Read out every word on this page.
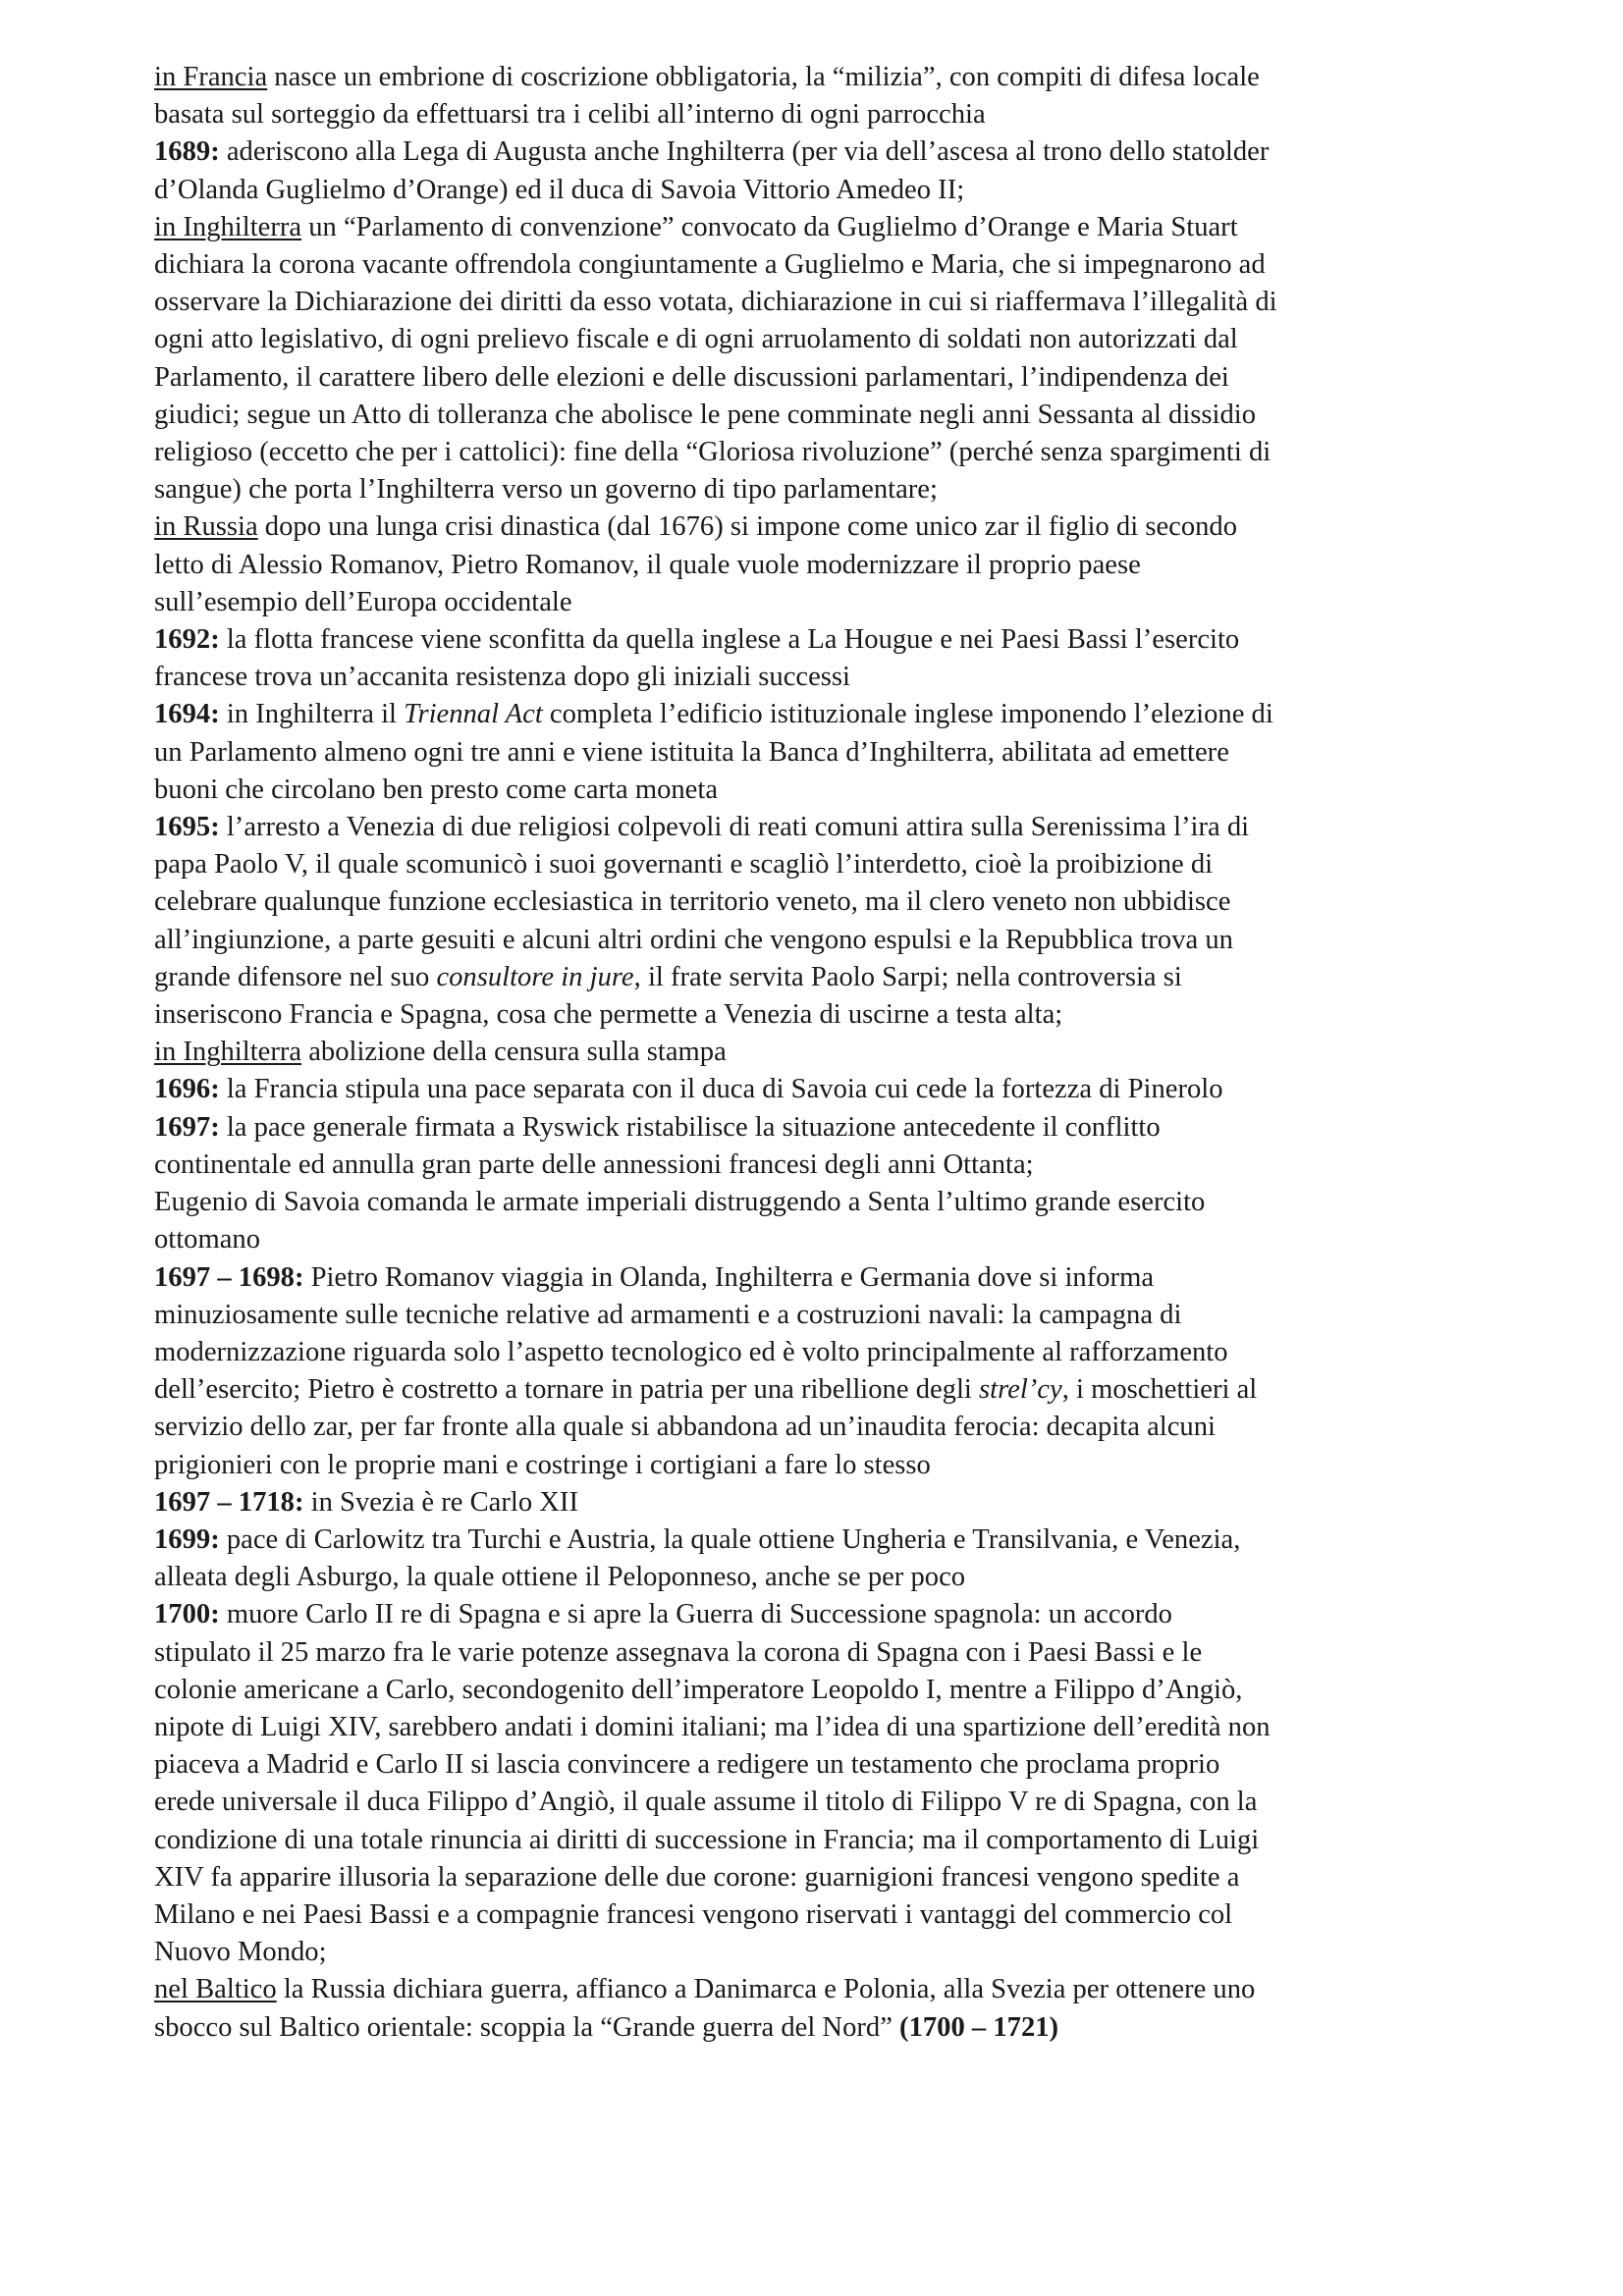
in Francia nasce un embrione di coscrizione obbligatoria, la “milizia”, con compiti di difesa locale
basata sul sorteggio da effettuarsi tra i celibi all’interno di ogni parrocchia
1689: aderiscono alla Lega di Augusta anche Inghilterra (per via dell’ascesa al trono dello statolder
d’Olanda Guglielmo d’Orange) ed il duca di Savoia Vittorio Amedeo II;
in Inghilterra un “Parlamento di convenzione” convocato da Guglielmo d’Orange e Maria Stuart
dichiara la corona vacante offrendola congiuntamente a Guglielmo e Maria, che si impegnarono ad
osservare la Dichiarazione dei diritti da esso votata, dichiarazione in cui si riaffermava l’illegalità di
ogni atto legislativo, di ogni prelievo fiscale e di ogni arruolamento di soldati non autorizzati dal
Parlamento, il carattere libero delle elezioni e delle discussioni parlamentari, l’indipendenza dei
giudici; segue un Atto di tolleranza che abolisce le pene comminate negli anni Sessanta al dissidio
religioso (eccetto che per i cattolici): fine della “Gloriosa rivoluzione” (perché senza spargimenti di
sangue) che porta l’Inghilterra verso un governo di tipo parlamentare;
in Russia dopo una lunga crisi dinastica (dal 1676) si impone come unico zar il figlio di secondo
letto di Alessio Romanov, Pietro Romanov, il quale vuole modernizzare il proprio paese
sull’esempio dell’Europa occidentale
1692: la flotta francese viene sconfitta da quella inglese a La Hougue e nei Paesi Bassi l’esercito
francese trova un’accanita resistenza dopo gli iniziali successi
1694: in Inghilterra il Triennal Act completa l’edificio istituzionale inglese imponendo l’elezione di
un Parlamento almeno ogni tre anni e viene istituita la Banca d’Inghilterra, abilitata ad emettere
buoni che circolano ben presto come carta moneta
1695: l’arresto a Venezia di due religiosi colpevoli di reati comuni attira sulla Serenissima l’ira di
papa Paolo V, il quale scomunicò i suoi governanti e scagliò l’interdetto, cioè la proibizione di
celebrare qualunque funzione ecclesiastica in territorio veneto, ma il clero veneto non ubbidisce
all’ingiunzione, a parte gesuiti e alcuni altri ordini che vengono espulsi e la Repubblica trova un
grande difensore nel suo consultore in jure, il frate servita Paolo Sarpi; nella controversia si
inseriscono Francia e Spagna, cosa che permette a Venezia di uscirne a testa alta;
in Inghilterra abolizione della censura sulla stampa
1696: la Francia stipula una pace separata con il duca di Savoia cui cede la fortezza di Pinerolo
1697: la pace generale firmata a Ryswick ristabilisce la situazione antecedente il conflitto
continentale ed annulla gran parte delle annessioni francesi degli anni Ottanta;
Eugenio di Savoia comanda le armate imperiali distruggendo a Senta l’ultimo grande esercito
ottomano
1697 – 1698: Pietro Romanov viaggia in Olanda, Inghilterra e Germania dove si informa
minuziosamente sulle tecniche relative ad armamenti e a costruzioni navali: la campagna di
modernizzazione riguarda solo l’aspetto tecnologico ed è volto principalmente al rafforzamento
dell’esercito; Pietro è costretto a tornare in patria per una ribellione degli strel’cy, i moschettieri al
servizio dello zar, per far fronte alla quale si abbandona ad un’inaudita ferocia: decapita alcuni
prigionieri con le proprie mani e costringe i cortigiani a fare lo stesso
1697 – 1718: in Svezia è re Carlo XII
1699: pace di Carlowitz tra Turchi e Austria, la quale ottiene Ungheria e Transilvania, e Venezia,
alleata degli Asburgo, la quale ottiene il Peloponneso, anche se per poco
1700: muore Carlo II re di Spagna e si apre la Guerra di Successione spagnola: un accordo
stipulato il 25 marzo fra le varie potenze assegnava la corona di Spagna con i Paesi Bassi e le
colonie americane a Carlo, secondogenito dell’imperatore Leopoldo I, mentre a Filippo d’Angiò,
nipote di Luigi XIV, sarebbero andati i domini italiani; ma l’idea di una spartizione dell’eredità non
piaceva a Madrid e Carlo II si lascia convincere a redigere un testamento che proclama proprio
erede universale il duca Filippo d’Angiò, il quale assume il titolo di Filippo V re di Spagna, con la
condizione di una totale rinuncia ai diritti di successione in Francia; ma il comportamento di Luigi
XIV fa apparire illusoria la separazione delle due corone: guarnigioni francesi vengono spedite a
Milano e nei Paesi Bassi e a compagnie francesi vengono riservati i vantaggi del commercio col
Nuovo Mondo;
nel Baltico la Russia dichiara guerra, affianco a Danimarca e Polonia, alla Svezia per ottenere uno
sbocco sul Baltico orientale: scoppia la “Grande guerra del Nord” (1700 – 1721)
